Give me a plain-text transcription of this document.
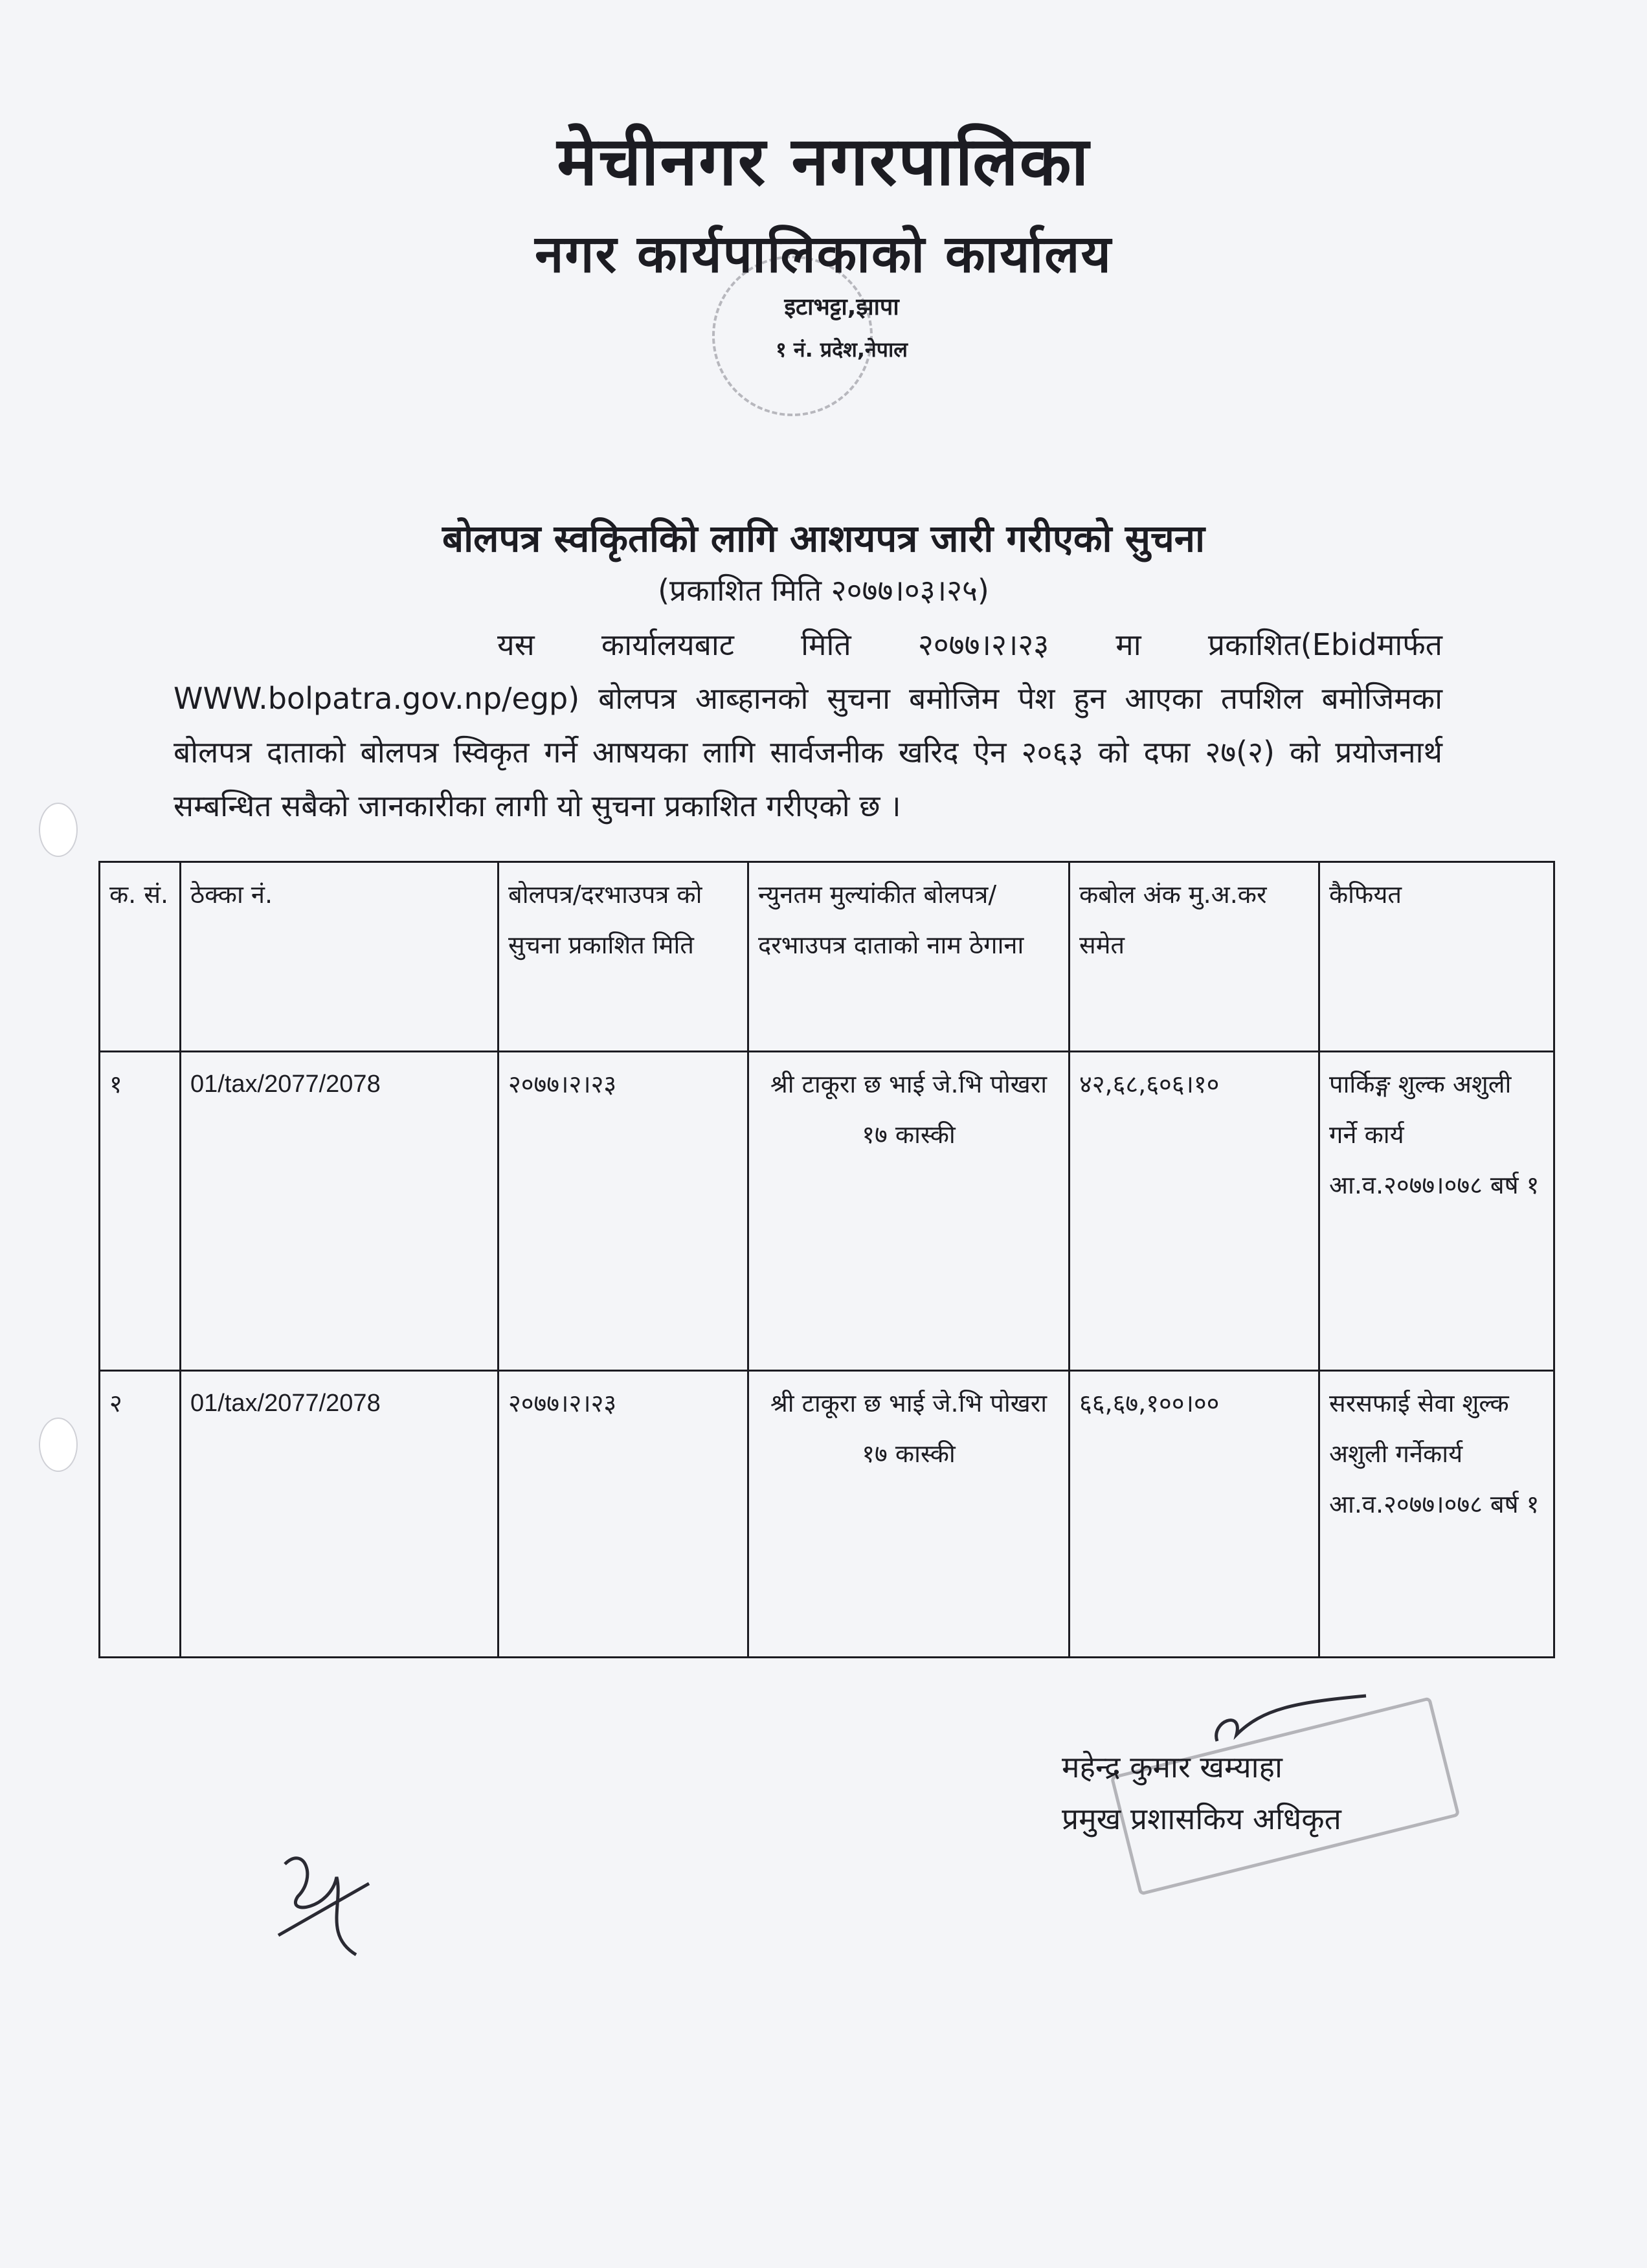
मेचीनगर नगरपालिका
नगर कार्यपालिकाको कार्यालय
इटाभट्टा,झापा
१ नं. प्रदेश,नेपाल
बोलपत्र स्वकृितकिो लागि आशयपत्र जारी गरीएको सुचना
(प्रकाशित मिति २०७७।०३।२५)
यस कार्यालयबाट मिति २०७७।२।२३ मा प्रकाशित(Ebidमार्फत WWW.bolpatra.gov.np/egp) बोलपत्र आब्हानको सुचना बमोजिम पेश हुन आएका तपशिल बमोजिमका बोलपत्र दाताको बोलपत्र स्विकृत गर्ने आषयका लागि सार्वजनीक खरिद ऐन २०६३ को दफा २७(२) को प्रयोजनार्थ सम्बन्धित सबैको जानकारीका लागी यो सुचना प्रकाशित गरीएको छ ।
क. सं.	ठेक्का नं.	बोलपत्र/दरभाउपत्र को सुचना प्रकाशित मिति	न्युनतम मुल्यांकीत बोलपत्र/दरभाउपत्र दाताको नाम ठेगाना	कबोल अंक मु.अ.कर समेत	कैफियत
१	01/tax/2077/2078	२०७७।२।२३	श्री टाकूरा छ भाई जे.भि पोखरा १७ कास्की	४२,६८,६०६।१०	पार्किङ्ग शुल्क अशुली गर्ने कार्य
आ.व.२०७७।०७८ बर्ष १

२	01/tax/2077/2078	२०७७।२।२३	श्री टाकूरा छ भाई जे.भि पोखरा १७ कास्की	६६,६७,१००।००	सरसफाई सेवा शुल्क अशुली गर्नेकार्य
आ.व.२०७७।०७८ बर्ष १
महेन्द्र कुमार खम्याहा
प्रमुख प्रशासकिय अधिकृत
